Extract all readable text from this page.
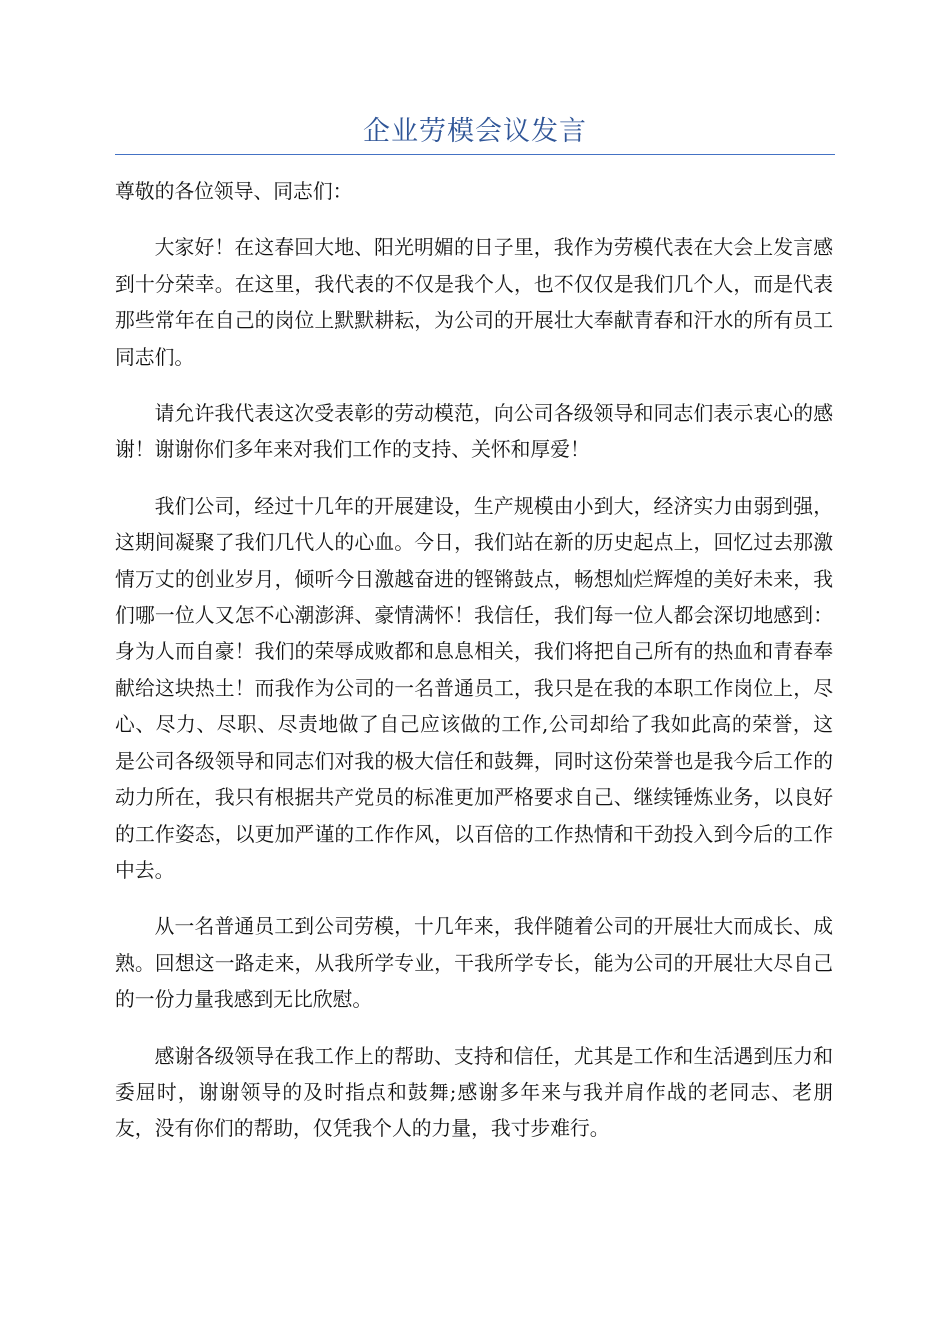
企业劳模会议发言

尊敬的各位领导、同志们：

大家好！在这春回大地、阳光明媚的日子里，我作为劳模代表在大会上发言感到十分荣幸。在这里，我代表的不仅是我个人，也不仅仅是我们几个人，而是代表那些常年在自己的岗位上默默耕耘，为公司的开展壮大奉献青春和汗水的所有员工同志们。

请允许我代表这次受表彰的劳动模范，向公司各级领导和同志们表示衷心的感谢！谢谢你们多年来对我们工作的支持、关怀和厚爱！

我们公司，经过十几年的开展建设，生产规模由小到大，经济实力由弱到强，这期间凝聚了我们几代人的心血。今日，我们站在新的历史起点上，回忆过去那激情万丈的创业岁月，倾听今日激越奋进的铿锵鼓点，畅想灿烂辉煌的美好未来，我们哪一位人又怎不心潮澎湃、豪情满怀！我信任，我们每一位人都会深切地感到：身为人而自豪！我们的荣辱成败都和息息相关，我们将把自己所有的热血和青春奉献给这块热土！而我作为公司的一名普通员工，我只是在我的本职工作岗位上，尽心、尽力、尽职、尽责地做了自己应该做的工作,公司却给了我如此高的荣誉，这是公司各级领导和同志们对我的极大信任和鼓舞，同时这份荣誉也是我今后工作的动力所在，我只有根据共产党员的标准更加严格要求自己、继续锤炼业务，以良好的工作姿态，以更加严谨的工作作风，以百倍的工作热情和干劲投入到今后的工作中去。

从一名普通员工到公司劳模，十几年来，我伴随着公司的开展壮大而成长、成熟。回想这一路走来，从我所学专业，干我所学专长，能为公司的开展壮大尽自己的一份力量我感到无比欣慰。

感谢各级领导在我工作上的帮助、支持和信任，尤其是工作和生活遇到压力和委屈时，谢谢领导的及时指点和鼓舞;感谢多年来与我并肩作战的老同志、老朋友，没有你们的帮助，仅凭我个人的力量，我寸步难行。
